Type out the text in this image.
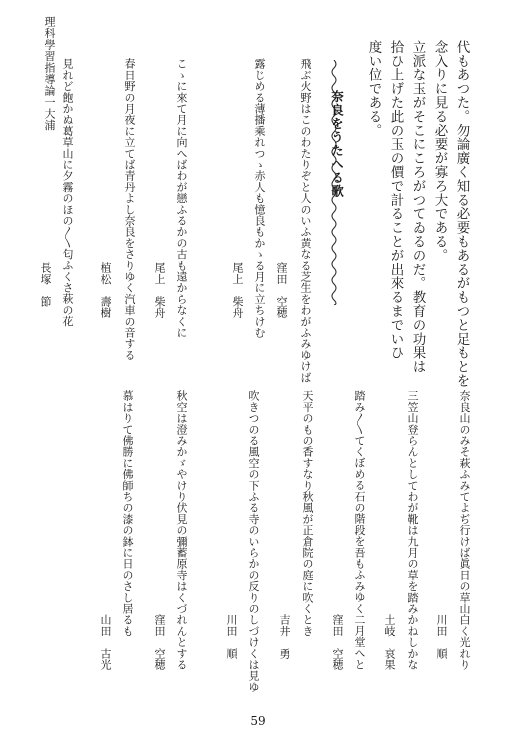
理科學習指導論一大浦	代もあつた。勿論廣く知る必要もあるがもつと足もとを
念入りに見る必要が寡ろ大である。
立派な玉がそこにころがつてゐるのだ。教育の功果は
拾ひ上げた此の玉の價で計ることが出來るまでいひ
度い位である。
奈良をうたへる歌
飛ぶ火野はこのわたりぞと人のいふ黄なる芝生をわがふみゆけば
窪田　空穂
露じめる薄播乘れつゝ赤人も憶良もかゝる月に立ちけむ
尾上　柴舟
こゝに來て月に向へばわが戀ふるかの古も遠からなくに
尾上　柴舟
春日野の月夜に立てば青丹よし奈良をさりゆく汽車の音する
植松　壽樹
見れど飽かぬ葛草山に夕霧のほの〳〵匂ふくさ萩の花
長塚　節
奈良山のみそ萩ふみてよぢ行けば眞日の草山白く光れり
川田　順
三笠山登らんとしてわが靴は九月の草を踏みかねしかな
土岐　哀果
踏み〳〵てくぼめる石の階段を吾もふみゆく二月堂へと
窪田　空穂
天平のもの香すなり秋風が正倉院の庭に吹くとき
吉井　勇
吹きつのる風空の下ふる寺のいらかの反りのしづけくは見ゆ
川田　順
秋空は澄みかゞやけり伏見の彌蓄原寺はくづれんとする
窪田　空穂
慕はりて佛勝に佛師ちの漆の鉢に日のさし居るも
山田　古光
59
